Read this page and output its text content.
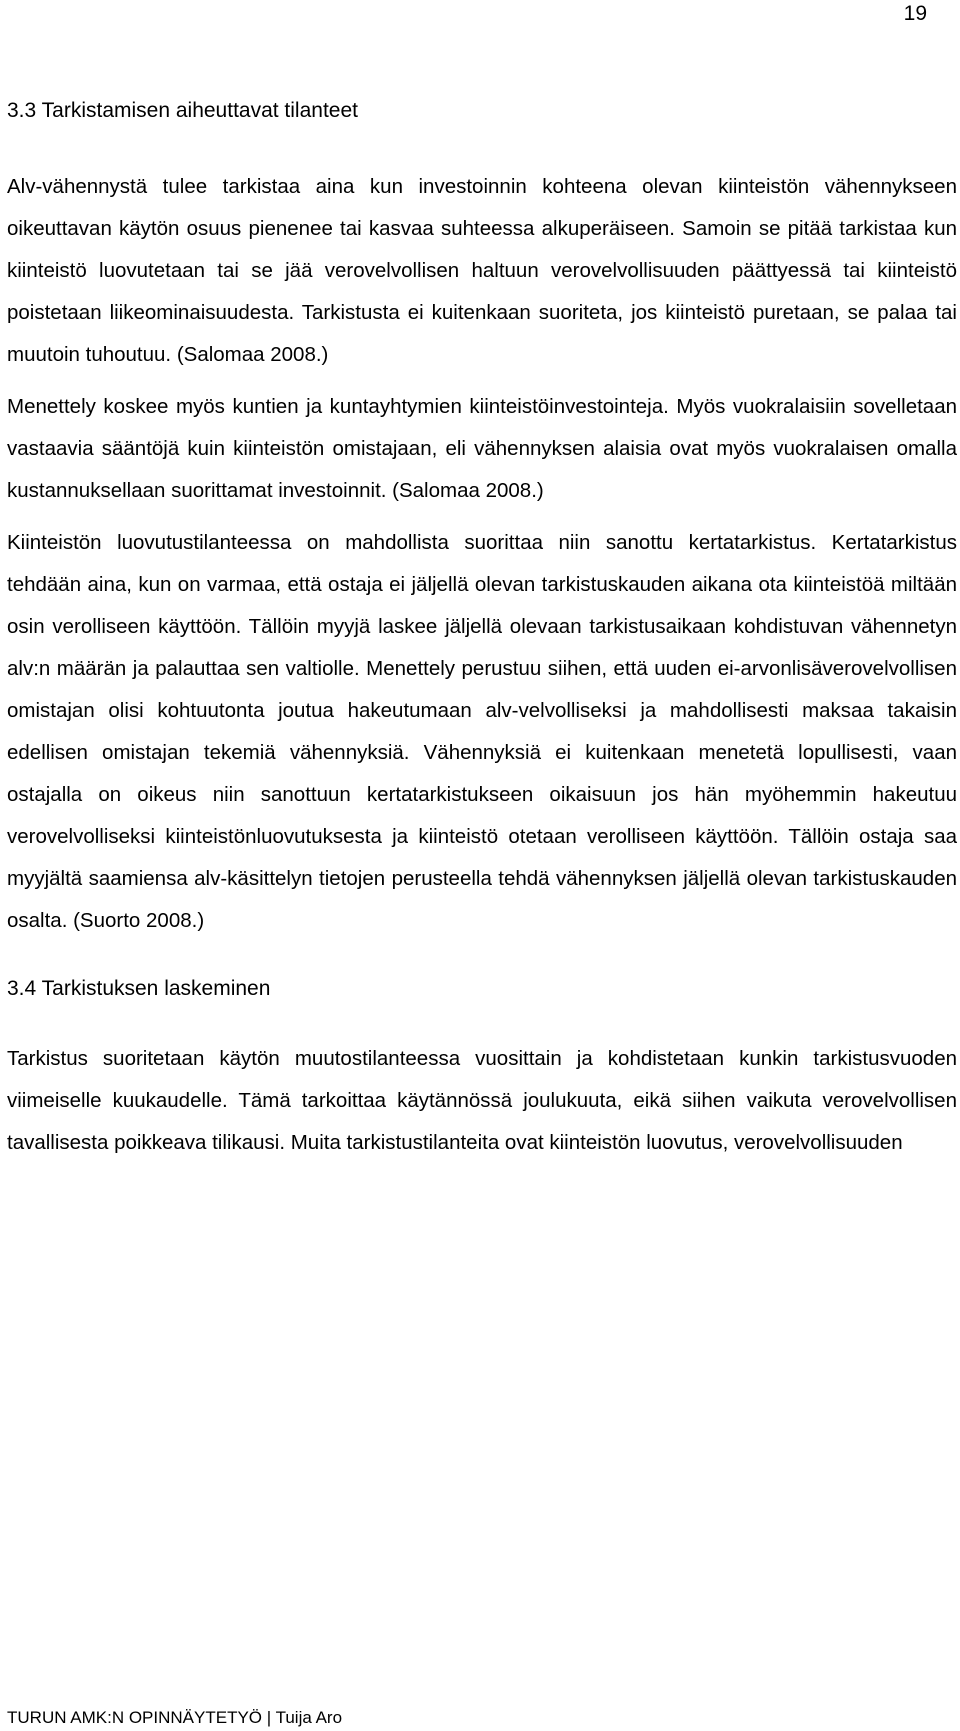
19
3.3 Tarkistamisen aiheuttavat tilanteet

Alv-vähennystä tulee tarkistaa aina kun investoinnin kohteena olevan kiinteistön vähennykseen oikeuttavan käytön osuus pienenee tai kasvaa suhteessa alkuperäiseen. Samoin se pitää tarkistaa kun kiinteistö luovutetaan tai se jää verovelvollisen haltuun verovelvollisuuden päättyessä tai kiinteistö poistetaan liikeominaisuudesta. Tarkistusta ei kuitenkaan suoriteta, jos kiinteistö puretaan, se palaa tai muutoin tuhoutuu. (Salomaa 2008.)

Menettely koskee myös kuntien ja kuntayhtymien kiinteistöinvestointeja. Myös vuokralaisiin sovelletaan vastaavia sääntöjä kuin kiinteistön omistajaan, eli vähennyksen alaisia ovat myös vuokralaisen omalla kustannuksellaan suorittamat investoinnit. (Salomaa 2008.)

Kiinteistön luovutustilanteessa on mahdollista suorittaa niin sanottu kertatarkistus. Kertatarkistus tehdään aina, kun on varmaa, että ostaja ei jäljellä olevan tarkistuskauden aikana ota kiinteistöä miltään osin verolliseen käyttöön. Tällöin myyjä laskee jäljellä olevaan tarkistusaikaan kohdistuvan vähennetyn alv:n määrän ja palauttaa sen valtiolle. Menettely perustuu siihen, että uuden ei-arvonlisäverovelvollisen omistajan olisi kohtuutonta joutua hakeutumaan alv-velvolliseksi ja mahdollisesti maksaa takaisin edellisen omistajan tekemiä vähennyksiä. Vähennyksiä ei kuitenkaan menetetä lopullisesti, vaan ostajalla on oikeus niin sanottuun kertatarkistukseen oikaisuun jos hän myöhemmin hakeutuu verovelvolliseksi kiinteistönluovutuksesta ja kiinteistö otetaan verolliseen käyttöön. Tällöin ostaja saa myyjältä saamiensa alv-käsittelyn tietojen perusteella tehdä vähennyksen jäljellä olevan tarkistuskauden osalta. (Suorto 2008.)

3.4 Tarkistuksen laskeminen

Tarkistus suoritetaan käytön muutostilanteessa vuosittain ja kohdistetaan kunkin tarkistusvuoden viimeiselle kuukaudelle. Tämä tarkoittaa käytännössä joulukuuta, eikä siihen vaikuta verovelvollisen tavallisesta poikkeava tilikausi. Muita tarkistustilanteita ovat kiinteistön luovutus, verovelvollisuuden

TURUN AMK:N OPINNÄYTETYÖ | Tuija Aro
